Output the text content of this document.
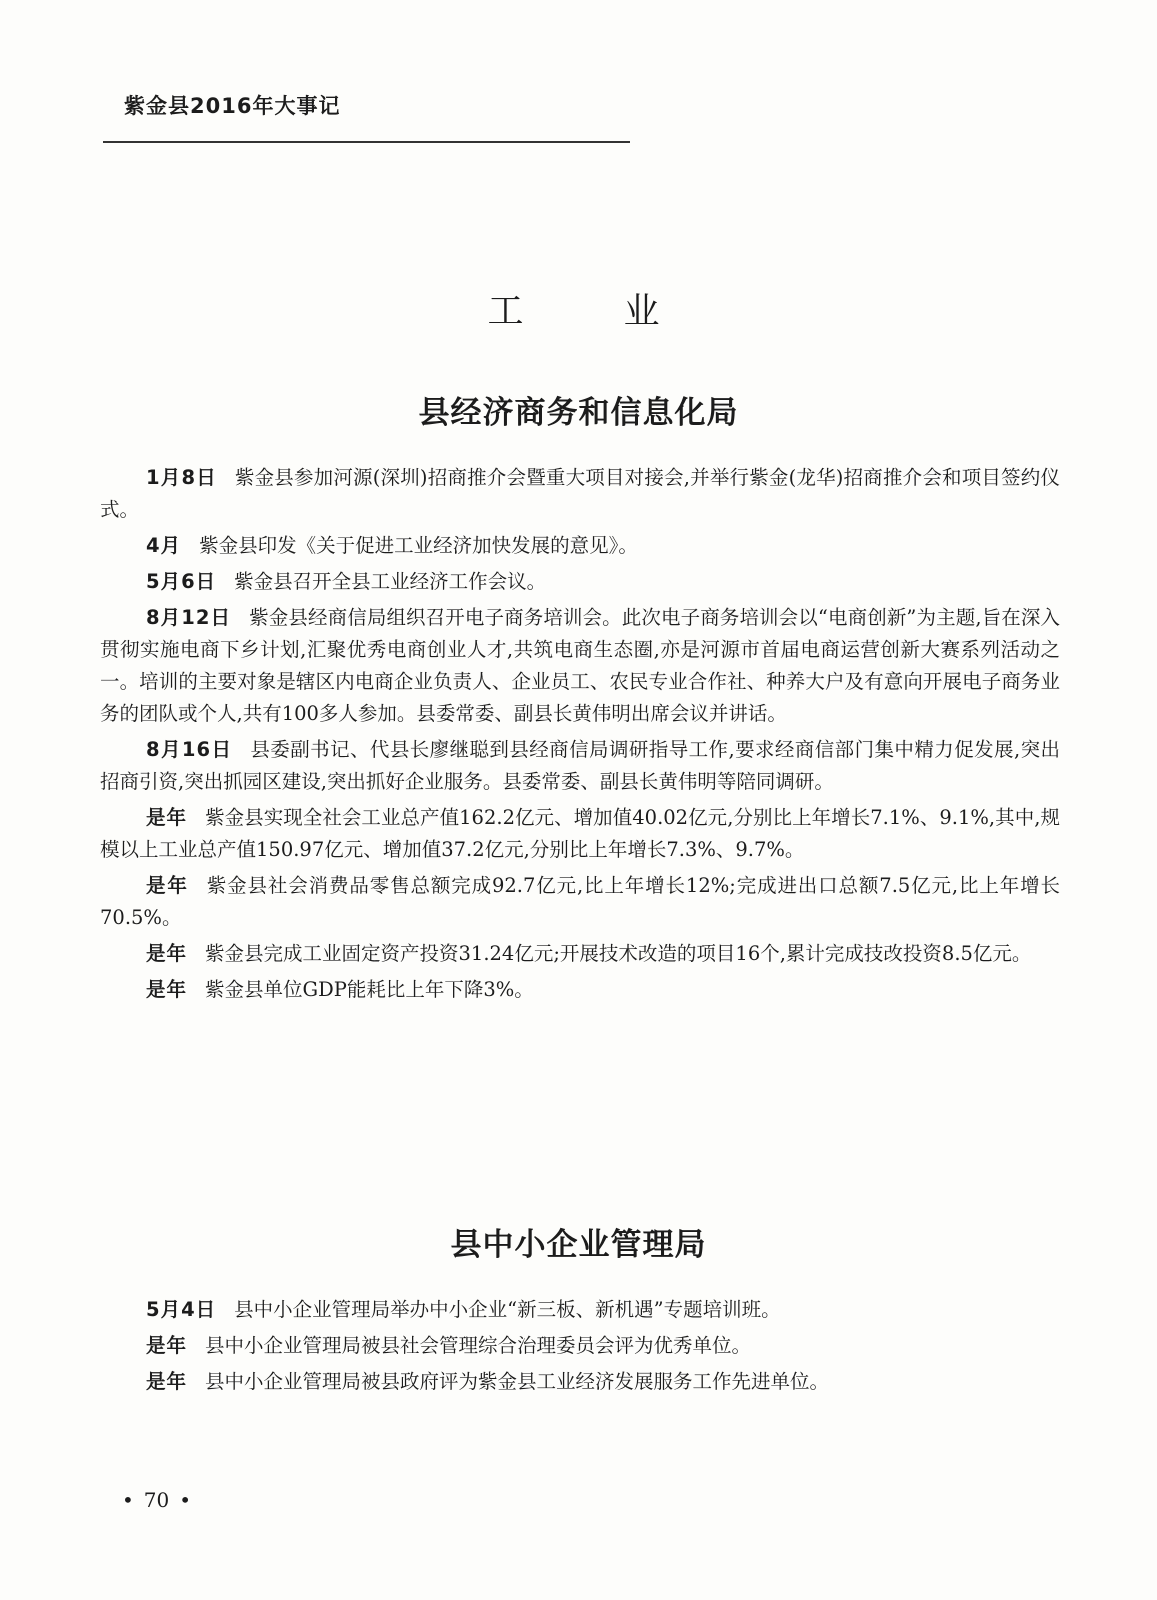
紫金县2016年大事记
工业
县经济商务和信息化局

1月8日 紫金县参加河源(深圳)招商推介会暨重大项目对接会,并举行紫金(龙华)招商推介会和项目签约仪式。

4月 紫金县印发《关于促进工业经济加快发展的意见》。

5月6日 紫金县召开全县工业经济工作会议。

8月12日 紫金县经商信局组织召开电子商务培训会。此次电子商务培训会以“电商创新”为主题,旨在深入贯彻实施电商下乡计划,汇聚优秀电商创业人才,共筑电商生态圈,亦是河源市首届电商运营创新大赛系列活动之一。培训的主要对象是辖区内电商企业负责人、企业员工、农民专业合作社、种养大户及有意向开展电子商务业务的团队或个人,共有100多人参加。县委常委、副县长黄伟明出席会议并讲话。

8月16日 县委副书记、代县长廖继聪到县经商信局调研指导工作,要求经商信部门集中精力促发展,突出招商引资,突出抓园区建设,突出抓好企业服务。县委常委、副县长黄伟明等陪同调研。

是年 紫金县实现全社会工业总产值162.2亿元、增加值40.02亿元,分别比上年增长7.1%、9.1%,其中,规模以上工业总产值150.97亿元、增加值37.2亿元,分别比上年增长7.3%、9.7%。

是年 紫金县社会消费品零售总额完成92.7亿元,比上年增长12%;完成进出口总额7.5亿元,比上年增长70.5%。

是年 紫金县完成工业固定资产投资31.24亿元;开展技术改造的项目16个,累计完成技改投资8.5亿元。

是年 紫金县单位GDP能耗比上年下降3%。

县中小企业管理局

5月4日 县中小企业管理局举办中小企业“新三板、新机遇”专题培训班。

是年 县中小企业管理局被县社会管理综合治理委员会评为优秀单位。

是年 县中小企业管理局被县政府评为紫金县工业经济发展服务工作先进单位。

• 70 •
